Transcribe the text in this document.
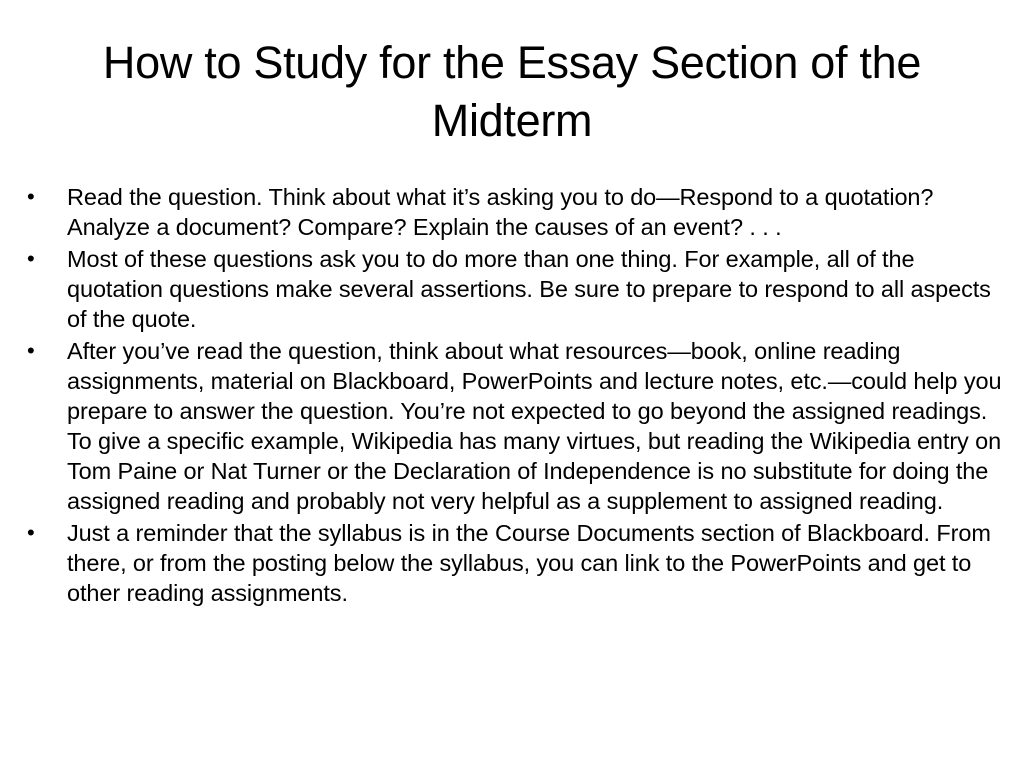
How to Study for the Essay Section of the Midterm
• Read the question. Think about what it’s asking you to do—Respond to a quotation? Analyze a document? Compare? Explain the causes of an event? . . .
• Most of these questions ask you to do more than one thing. For example, all of the quotation questions make several assertions. Be sure to prepare to respond to all aspects of the quote.
• After you’ve read the question, think about what resources—book, online reading assignments, material on Blackboard, PowerPoints and lecture notes, etc.—could help you prepare to answer the question. You’re not expected to go beyond the assigned readings. To give a specific example, Wikipedia has many virtues, but reading the Wikipedia entry on Tom Paine or Nat Turner or the Declaration of Independence is no substitute for doing the assigned reading and probably not very helpful as a supplement to assigned reading.
• Just a reminder that the syllabus is in the Course Documents section of Blackboard. From there, or from the posting below the syllabus, you can link to the PowerPoints and get to other reading assignments.
